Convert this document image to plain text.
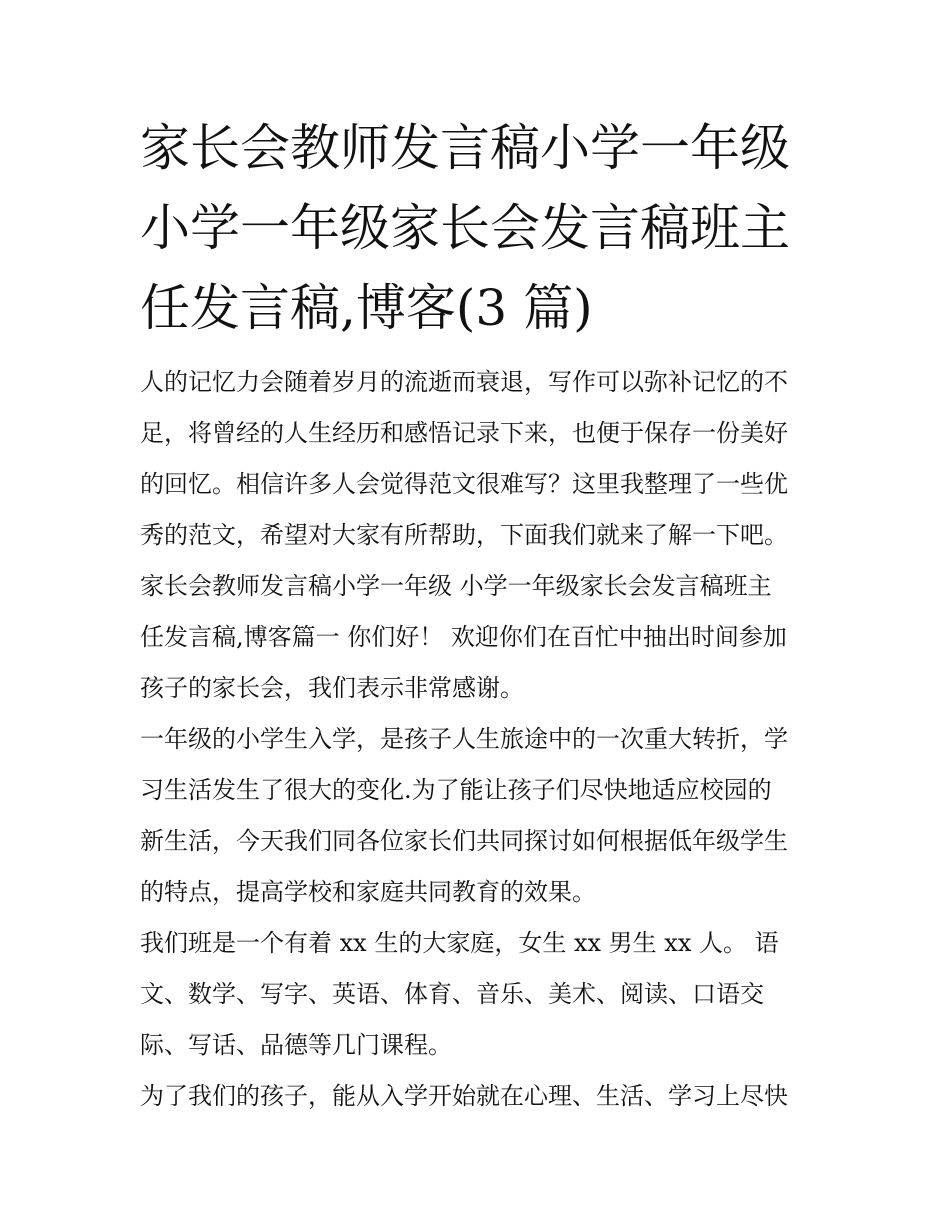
家长会教师发言稿小学一年级
小学一年级家长会发言稿班主
任发言稿,博客(3 篇)
人的记忆力会随着岁月的流逝而衰退，写作可以弥补记忆的不
足，将曾经的人生经历和感悟记录下来，也便于保存一份美好
的回忆。相信许多人会觉得范文很难写？这里我整理了一些优
秀的范文，希望对大家有所帮助，下面我们就来了解一下吧。
家长会教师发言稿小学一年级 小学一年级家长会发言稿班主
任发言稿,博客篇一 你们好！ 欢迎你们在百忙中抽出时间参加
孩子的家长会，我们表示非常感谢。
一年级的小学生入学，是孩子人生旅途中的一次重大转折，学
习生活发生了很大的变化.为了能让孩子们尽快地适应校园的
新生活，今天我们同各位家长们共同探讨如何根据低年级学生
的特点，提高学校和家庭共同教育的效果。
我们班是一个有着 xx 生的大家庭，女生 xx 男生 xx 人。 语
文、数学、写字、英语、体育、音乐、美术、阅读、口语交
际、写话、品德等几门课程。
为了我们的孩子，能从入学开始就在心理、生活、学习上尽快
